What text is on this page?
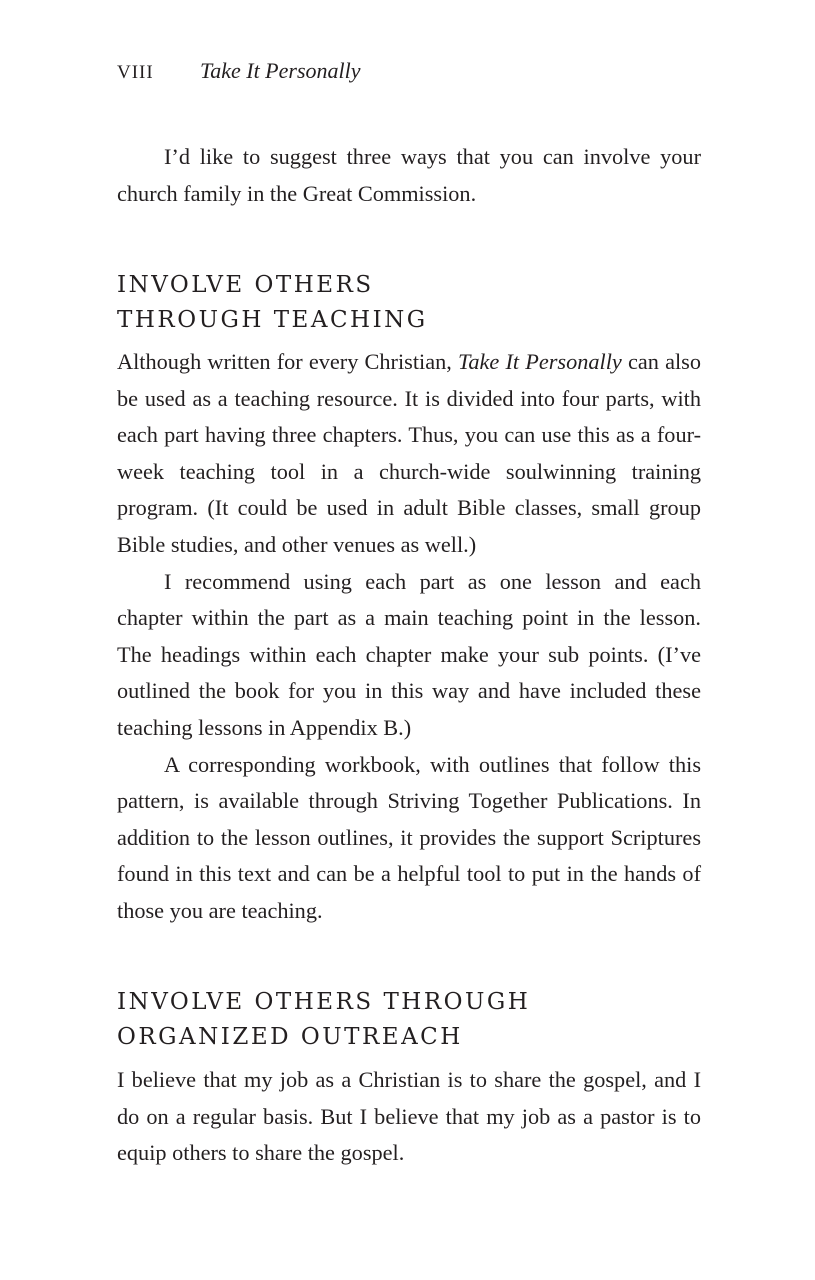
VIII Take It Personally

I’d like to suggest three ways that you can involve your church family in the Great Commission.

INVOLVE OTHERS
THROUGH TEACHING

Although written for every Christian, Take It Personally can also be used as a teaching resource. It is divided into four parts, with each part having three chapters. Thus, you can use this as a four-week teaching tool in a church-wide soulwinning training program. (It could be used in adult Bible classes, small group Bible studies, and other venues as well.)

I recommend using each part as one lesson and each chapter within the part as a main teaching point in the lesson. The headings within each chapter make your sub points. (I’ve outlined the book for you in this way and have included these teaching lessons in Appendix B.)

A corresponding workbook, with outlines that follow this pattern, is available through Striving Together Publications. In addition to the lesson outlines, it provides the support Scriptures found in this text and can be a helpful tool to put in the hands of those you are teaching.

INVOLVE OTHERS THROUGH
ORGANIZED OUTREACH

I believe that my job as a Christian is to share the gospel, and I do on a regular basis. But I believe that my job as a pastor is to equip others to share the gospel.
